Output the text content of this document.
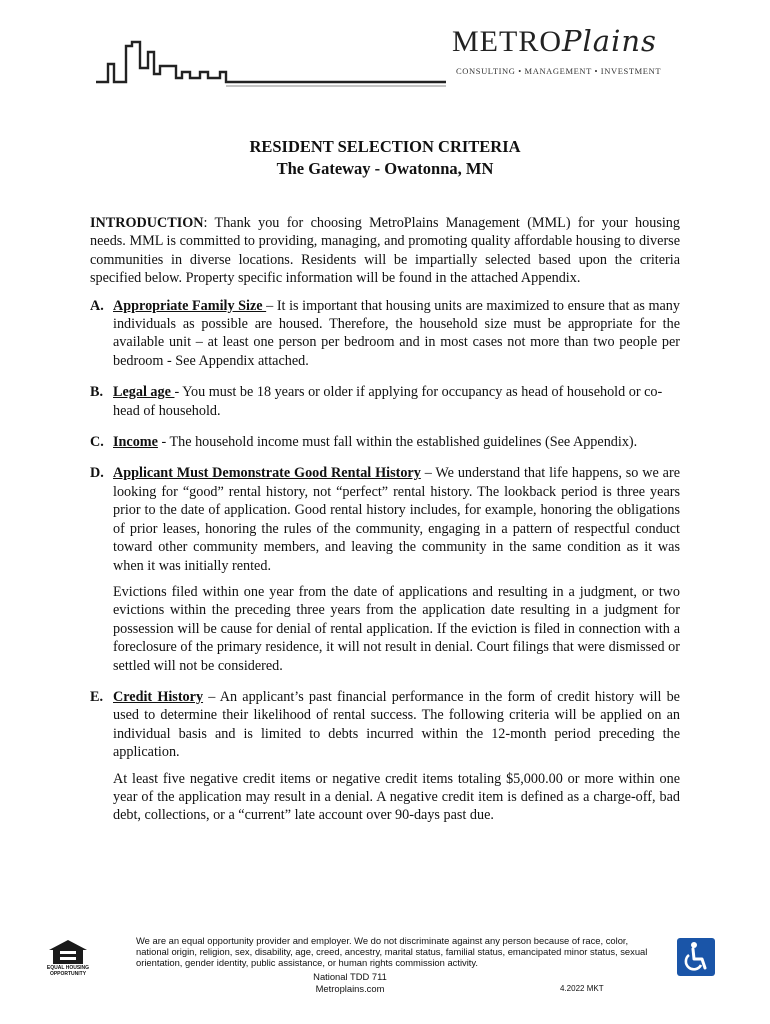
METROPlains
CONSULTING • MANAGEMENT • INVESTMENT
RESIDENT SELECTION CRITERIA
The Gateway - Owatonna, MN

INTRODUCTION: Thank you for choosing MetroPlains Management (MML) for your housing needs. MML is committed to providing, managing, and promoting quality affordable housing to diverse communities in diverse locations. Residents will be impartially selected based upon the criteria specified below. Property specific information will be found in the attached Appendix.

A. Appropriate Family Size – It is important that housing units are maximized to ensure that as many individuals as possible are housed. Therefore, the household size must be appropriate for the available unit – at least one person per bedroom and in most cases not more than two people per bedroom - See Appendix attached.

B. Legal age - You must be 18 years or older if applying for occupancy as head of household or co-head of household.

C. Income - The household income must fall within the established guidelines (See Appendix).

D. Applicant Must Demonstrate Good Rental History – We understand that life happens, so we are looking for “good” rental history, not “perfect” rental history. The lookback period is three years prior to the date of application. Good rental history includes, for example, honoring the obligations of prior leases, honoring the rules of the community, engaging in a pattern of respectful conduct toward other community members, and leaving the community in the same condition as it was when it was initially rented.

Evictions filed within one year from the date of applications and resulting in a judgment, or two evictions within the preceding three years from the application date resulting in a judgment for possession will be cause for denial of rental application. If the eviction is filed in connection with a foreclosure of the primary residence, it will not result in denial. Court filings that were dismissed or settled will not be considered.

E. Credit History – An applicant’s past financial performance in the form of credit history will be used to determine their likelihood of rental success. The following criteria will be applied on an individual basis and is limited to debts incurred within the 12-month period preceding the application.

At least five negative credit items or negative credit items totaling $5,000.00 or more within one year of the application may result in a denial. A negative credit item is defined as a charge-off, bad debt, collections, or a “current” late account over 90-days past due.

EQUAL HOUSING OPPORTUNITY
We are an equal opportunity provider and employer. We do not discriminate against any person because of race, color, national origin, religion, sex, disability, age, creed, ancestry, marital status, familial status, emancipated minor status, sexual orientation, gender identity, public assistance, or human rights commission activity.
National TDD 711
Metroplains.com	4.2022 MKT
